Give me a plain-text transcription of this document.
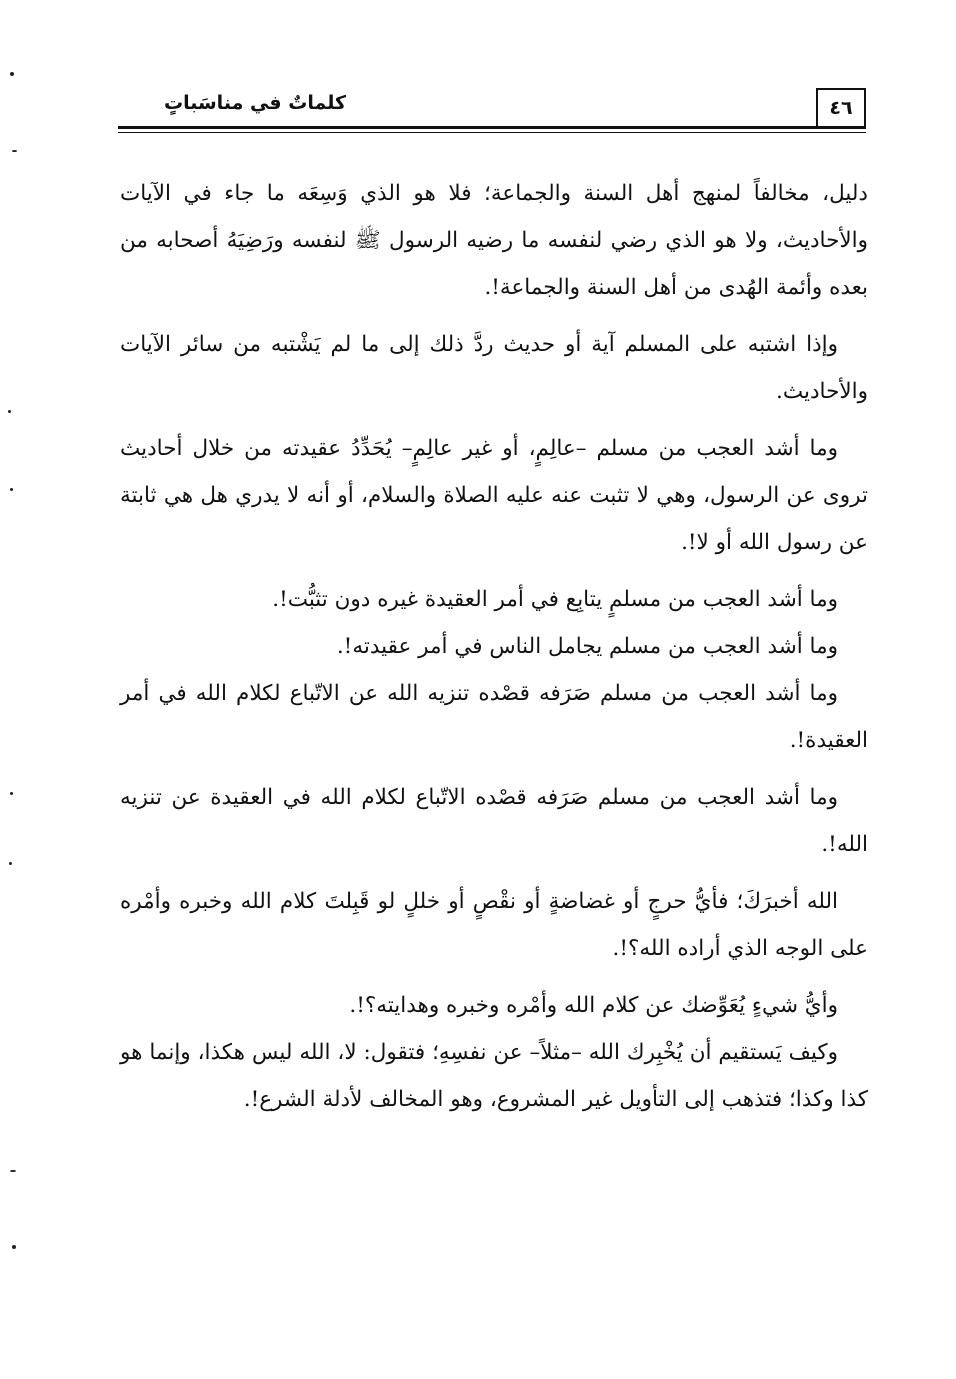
كلماتٌ في مناسَباتٍ	٤٦

دليل، مخالفاً لمنهج أهل السنة والجماعة؛ فلا هو الذي وَسِعَه ما جاء في الآيات والأحاديث، ولا هو الذي رضي لنفسه ما رضيه الرسول ﷺ لنفسه ورَضِيَهُ أصحابه من بعده وأئمة الهُدى من أهل السنة والجماعة!.

وإذا اشتبه على المسلم آية أو حديث ردَّ ذلك إلى ما لم يَشْتبه من سائر الآيات والأحاديث.

وما أشد العجب من مسلم –عالِمٍ، أو غير عالِمٍ– يُحَدِّدُ عقيدته من خلال أحاديث تروى عن الرسول، وهي لا تثبت عنه عليه الصلاة والسلام، أو أنه لا يدري هل هي ثابتة عن رسول الله أو لا!.

وما أشد العجب من مسلمٍ يتابِع في أمر العقيدة غيره دون تثبُّت!.

وما أشد العجب من مسلم يجامل الناس في أمر عقيدته!.

وما أشد العجب من مسلم صَرَفه قصْده تنزيه الله عن الاتّباع لكلام الله في أمر العقيدة!.

وما أشد العجب من مسلم صَرَفه قصْده الاتّباع لكلام الله في العقيدة عن تنزيه الله!.

الله أخبرَكَ؛ فأيُّ حرجٍ أو غضاضةٍ أو نقْصٍ أو خللٍ لو قَبِلتَ كلام الله وخبره وأمْره على الوجه الذي أراده الله؟!.

وأيُّ شيءٍ يُعَوِّضك عن كلام الله وأمْره وخبره وهدايته؟!.

وكيف يَستقيم أن يُخْبِرك الله –مثلاً– عن نفسِهِ؛ فتقول: لا، الله ليس هكذا، وإنما هو كذا وكذا؛ فتذهب إلى التأويل غير المشروع، وهو المخالف لأدلة الشرع!.
